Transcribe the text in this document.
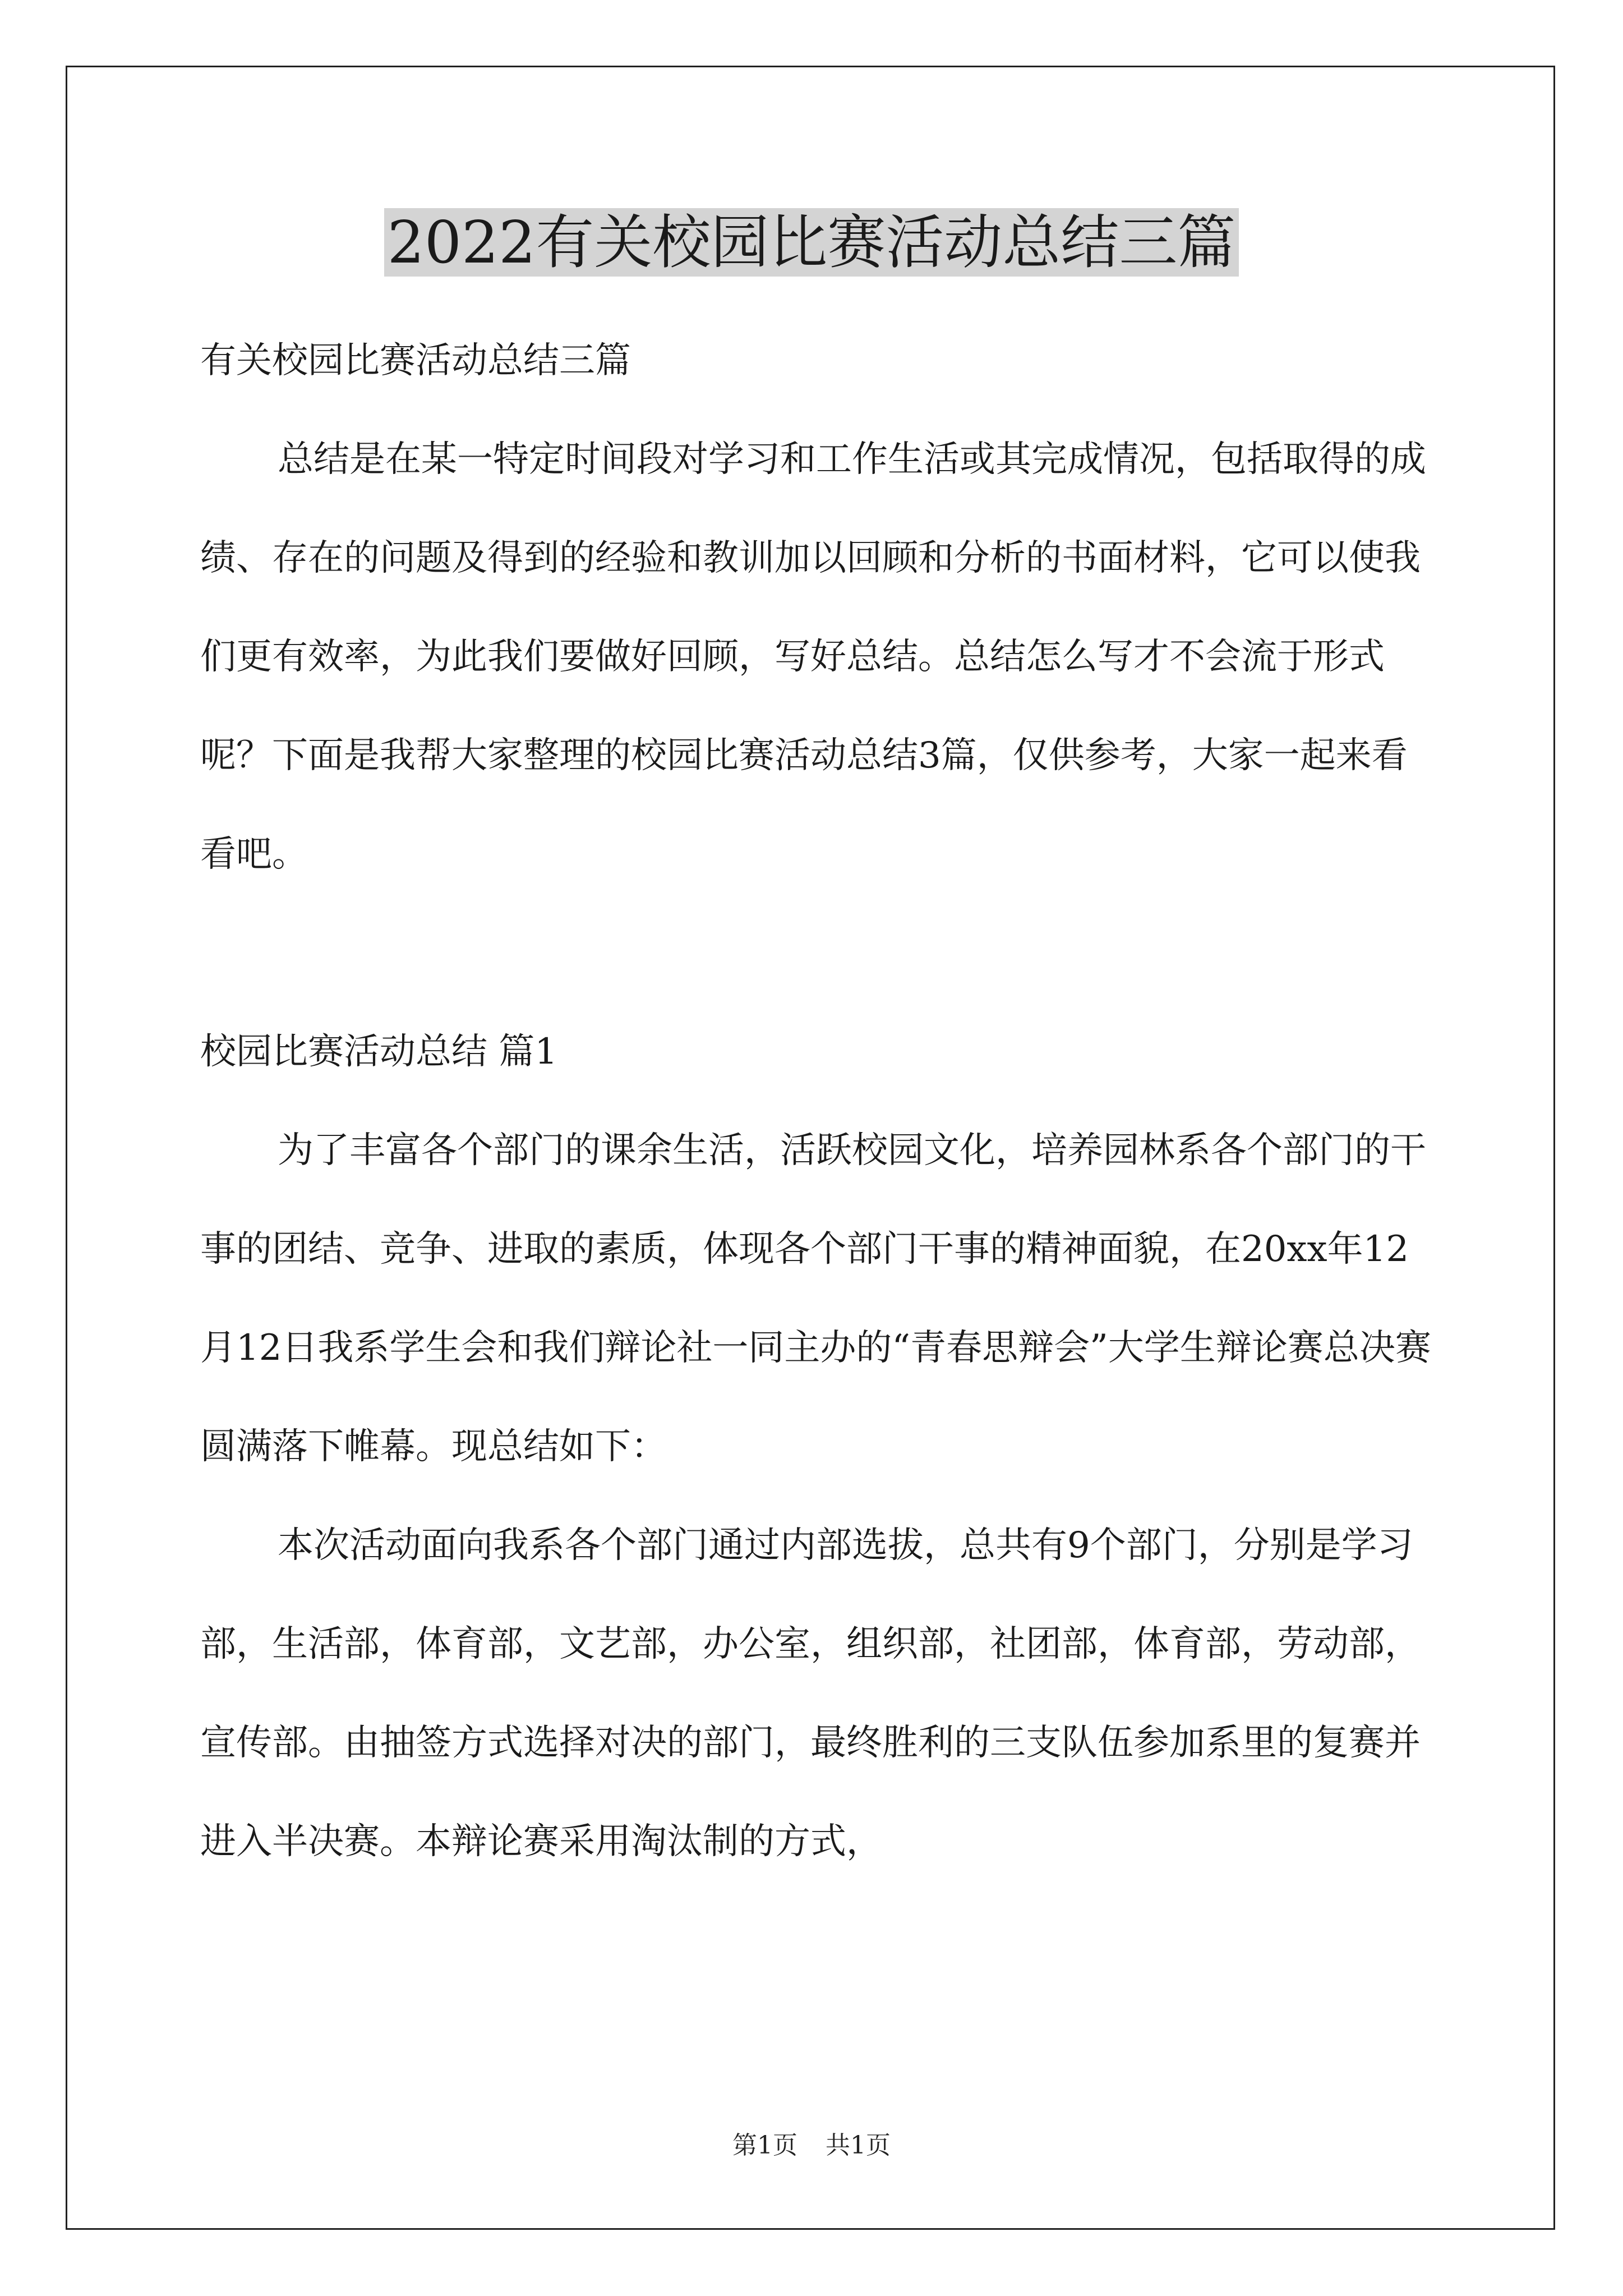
2022有关校园比赛活动总结三篇

有关校园比赛活动总结三篇

总结是在某一特定时间段对学习和工作生活或其完成情况，包括取得的成绩、存在的问题及得到的经验和教训加以回顾和分析的书面材料，它可以使我们更有效率，为此我们要做好回顾，写好总结。总结怎么写才不会流于形式呢？下面是我帮大家整理的校园比赛活动总结3篇，仅供参考，大家一起来看看吧。

校园比赛活动总结 篇1

为了丰富各个部门的课余生活，活跃校园文化，培养园林系各个部门的干事的团结、竞争、进取的素质，体现各个部门干事的精神面貌，在20xx年12月12日我系学生会和我们辩论社一同主办的“青春思辩会”大学生辩论赛总决赛圆满落下帷幕。现总结如下：

本次活动面向我系各个部门通过内部选拔，总共有9个部门，分别是学习部，生活部，体育部，文艺部，办公室，组织部，社团部，体育部，劳动部，宣传部。由抽签方式选择对决的部门，最终胜利的三支队伍参加系里的复赛并进入半决赛。本辩论赛采用淘汰制的方式，

第1页 共1页
